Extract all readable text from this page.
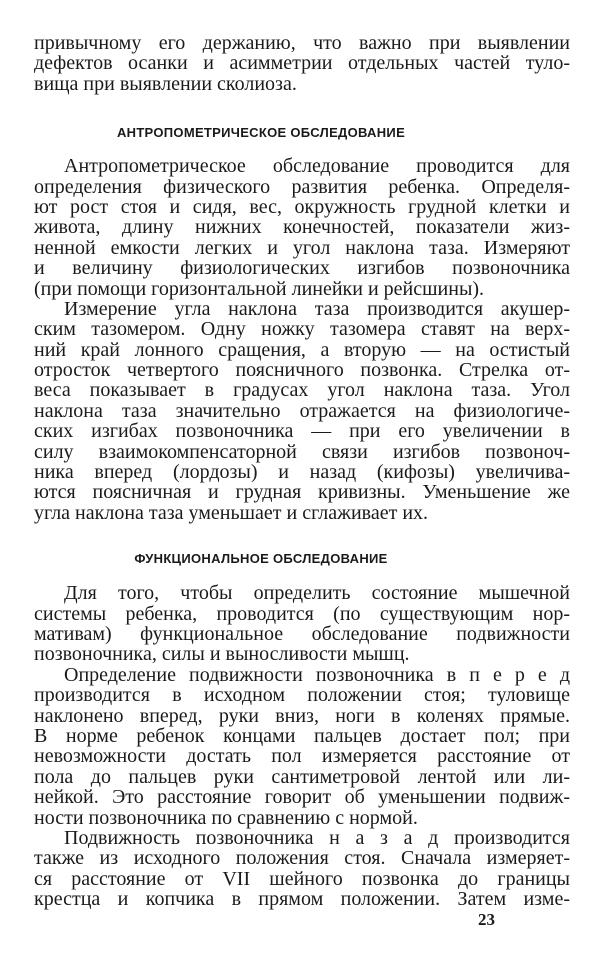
привычному его держанию, что важно при выявлении
дефектов осанки и асимметрии отдельных частей туло-
вища при выявлении сколиоза.
АНТРОПОМЕТРИЧЕСКОЕ ОБСЛЕДОВАНИЕ
Антропометрическое обследование проводится для
определения физического развития ребенка. Определя-
ют рост стоя и сидя, вес, окружность грудной клетки и
живота, длину нижних конечностей, показатели жиз-
ненной емкости легких и угол наклона таза. Измеряют
и величину физиологических изгибов позвоночника
(при помощи горизонтальной линейки и рейсшины).
Измерение угла наклона таза производится акушер-
ским тазомером. Одну ножку тазомера ставят на верх-
ний край лонного сращения, а вторую — на остистый
отросток четвертого поясничного позвонка. Стрелка от-
веса показывает в градусах угол наклона таза. Угол
наклона таза значительно отражается на физиологиче-
ских изгибах позвоночника — при его увеличении в
силу взаимокомпенсаторной связи изгибов позвоноч-
ника вперед (лордозы) и назад (кифозы) увеличива-
ются поясничная и грудная кривизны. Уменьшение же
угла наклона таза уменьшает и сглаживает их.
ФУНКЦИОНАЛЬНОЕ ОБСЛЕДОВАНИЕ
Для того, чтобы определить состояние мышечной
системы ребенка, проводится (по существующим нор-
мативам) функциональное обследование подвижности
позвоночника, силы и выносливости мышц.
Определение подвижности позвоночника в п е р е д
производится в исходном положении стоя; туловище
наклонено вперед, руки вниз, ноги в коленях прямые.
В норме ребенок концами пальцев достает пол; при
невозможности достать пол измеряется расстояние от
пола до пальцев руки сантиметровой лентой или ли-
нейкой. Это расстояние говорит об уменьшении подвиж-
ности позвоночника по сравнению с нормой.
Подвижность позвоночника н а з а д производится
также из исходного положения стоя. Сначала измеряет-
ся расстояние от VII шейного позвонка до границы
крестца и копчика в прямом положении. Затем изме-
23
